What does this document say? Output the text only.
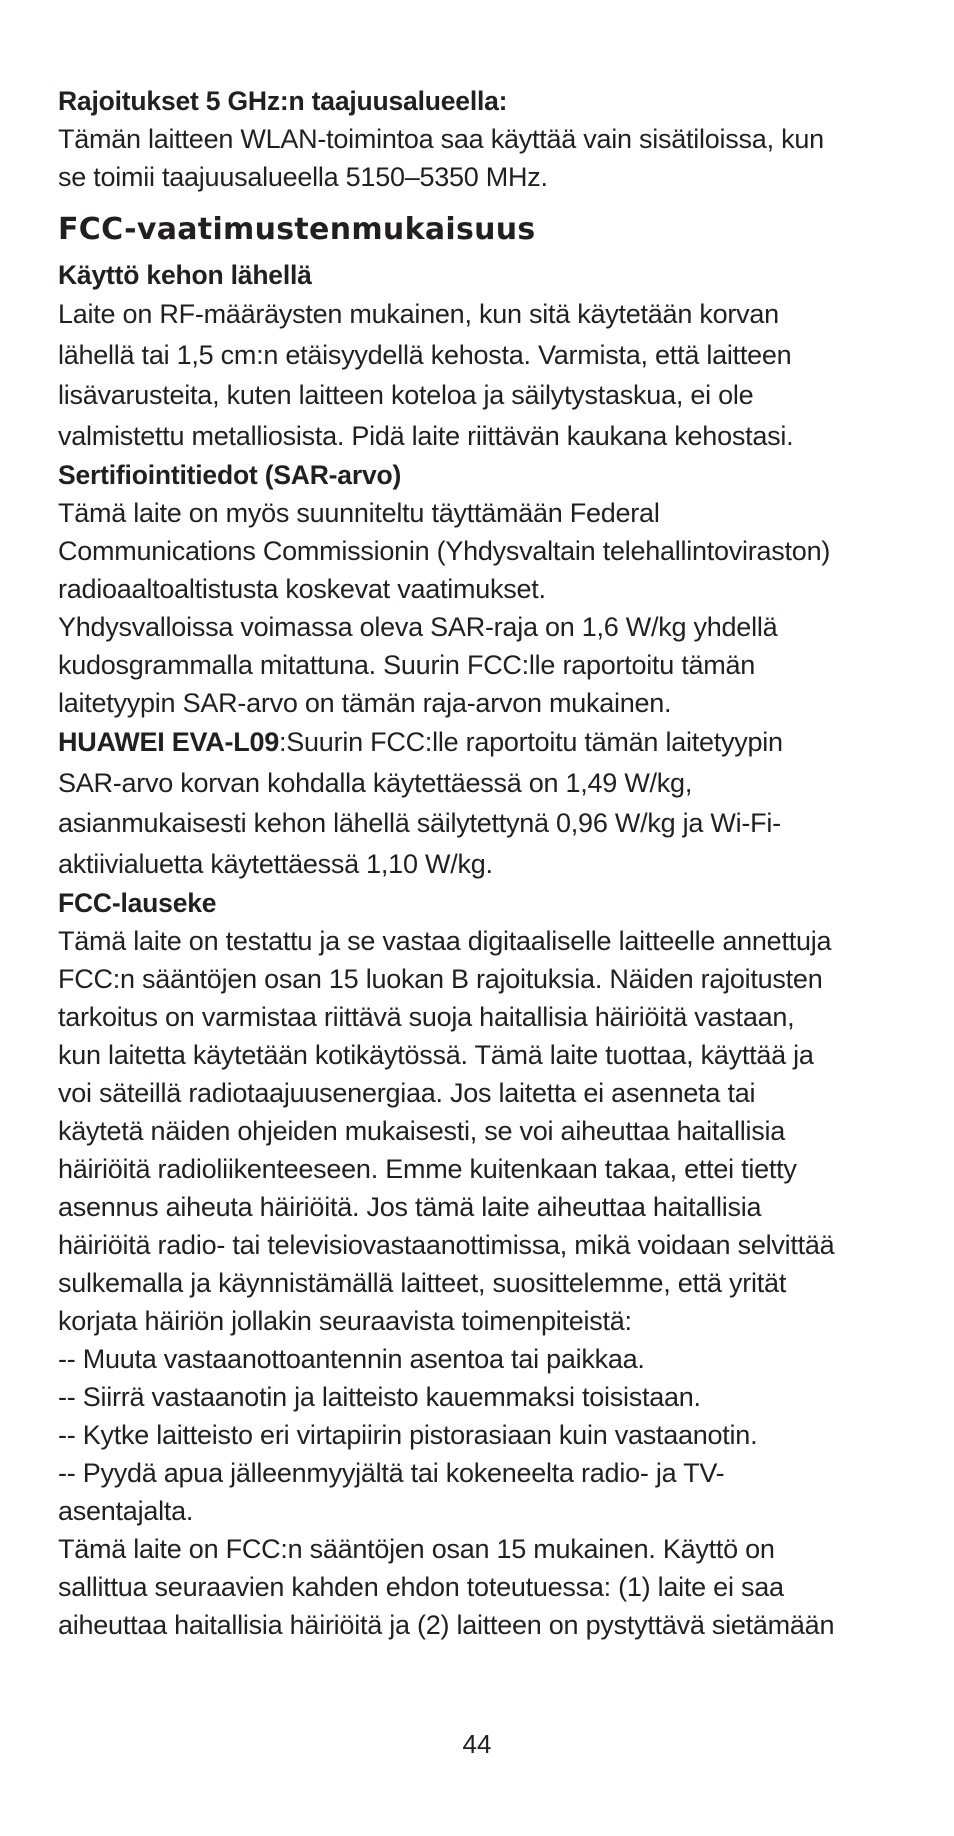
Rajoitukset 5 GHz:n taajuusalueella:

Tämän laitteen WLAN-toimintoa saa käyttää vain sisätiloissa, kun
se toimii taajuusalueella 5150–5350 MHz.

FCC-vaatimustenmukaisuus

Käyttö kehon lähellä

Laite on RF-määräysten mukainen, kun sitä käytetään korvan
lähellä tai 1,5 cm:n etäisyydellä kehosta. Varmista, että laitteen
lisävarusteita, kuten laitteen koteloa ja säilytystaskua, ei ole
valmistettu metalliosista. Pidä laite riittävän kaukana kehostasi.

Sertifiointitiedot (SAR-arvo)

Tämä laite on myös suunniteltu täyttämään Federal
Communications Commissionin (Yhdysvaltain telehallintoviraston)
radioaaltoaltistusta koskevat vaatimukset.
Yhdysvalloissa voimassa oleva SAR-raja on 1,6 W/kg yhdellä
kudosgrammalla mitattuna. Suurin FCC:lle raportoitu tämän
laitetyypin SAR-arvo on tämän raja-arvon mukainen.

HUAWEI EVA-L09:Suurin FCC:lle raportoitu tämän laitetyypin
SAR-arvo korvan kohdalla käytettäessä on 1,49 W/kg,
asianmukaisesti kehon lähellä säilytettynä 0,96 W/kg ja Wi-Fi-
aktiivialuetta käytettäessä 1,10 W/kg.

FCC-lauseke

Tämä laite on testattu ja se vastaa digitaaliselle laitteelle annettuja
FCC:n sääntöjen osan 15 luokan B rajoituksia. Näiden rajoitusten
tarkoitus on varmistaa riittävä suoja haitallisia häiriöitä vastaan,
kun laitetta käytetään kotikäytössä. Tämä laite tuottaa, käyttää ja
voi säteillä radiotaajuusenergiaa. Jos laitetta ei asenneta tai
käytetä näiden ohjeiden mukaisesti, se voi aiheuttaa haitallisia
häiriöitä radioliikenteeseen. Emme kuitenkaan takaa, ettei tietty
asennus aiheuta häiriöitä. Jos tämä laite aiheuttaa haitallisia
häiriöitä radio- tai televisiovastaanottimissa, mikä voidaan selvittää
sulkemalla ja käynnistämällä laitteet, suosittelemme, että yrität
korjata häiriön jollakin seuraavista toimenpiteistä:
-- Muuta vastaanottoantennin asentoa tai paikkaa.
-- Siirrä vastaanotin ja laitteisto kauemmaksi toisistaan.
-- Kytke laitteisto eri virtapiirin pistorasiaan kuin vastaanotin.
-- Pyydä apua jälleenmyyjältä tai kokeneelta radio- ja TV-
asentajalta.
Tämä laite on FCC:n sääntöjen osan 15 mukainen. Käyttö on
sallittua seuraavien kahden ehdon toteutuessa: (1) laite ei saa
aiheuttaa haitallisia häiriöitä ja (2) laitteen on pystyttävä sietämään

44
